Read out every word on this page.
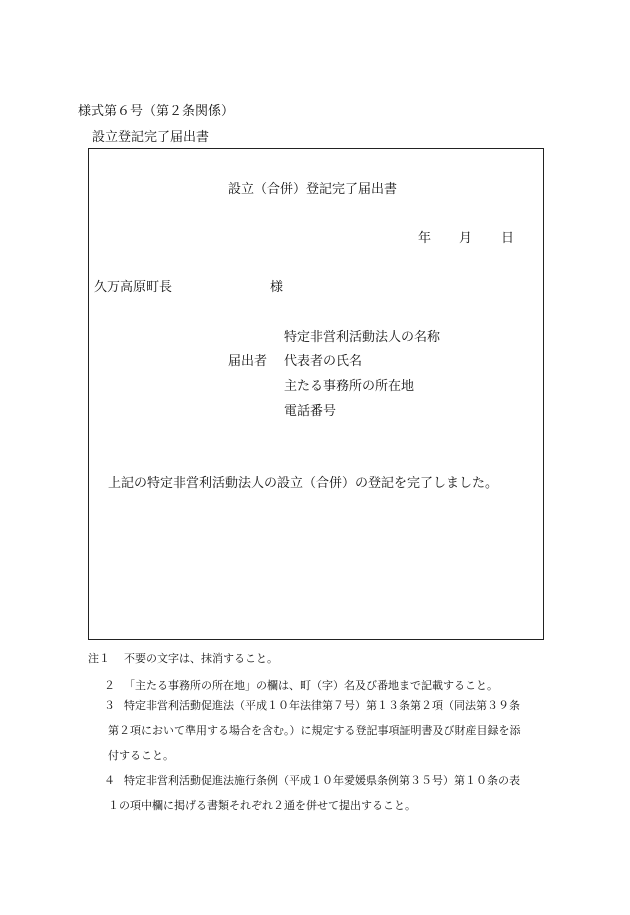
様式第６号（第２条関係）
設立登記完了届出書
設立（合併）登記完了届出書
年 月 日
久万高原町長	様
特定非営利活動法人の名称
届出者 代表者の氏名
主たる事務所の所在地
電話番号
上記の特定非営利活動法人の設立（合併）の登記を完了しました。
注１ 不要の文字は、抹消すること。
２ 「主たる事務所の所在地」の欄は、町（字）名及び番地まで記載すること。
３ 特定非営利活動促進法（平成１０年法律第７号）第１３条第２項（同法第３９条
第２項において準用する場合を含む。）に規定する登記事項証明書及び財産目録を添
付すること。
４ 特定非営利活動促進法施行条例（平成１０年愛媛県条例第３５号）第１０条の表
１の項中欄に掲げる書類それぞれ２通を併せて提出すること。
